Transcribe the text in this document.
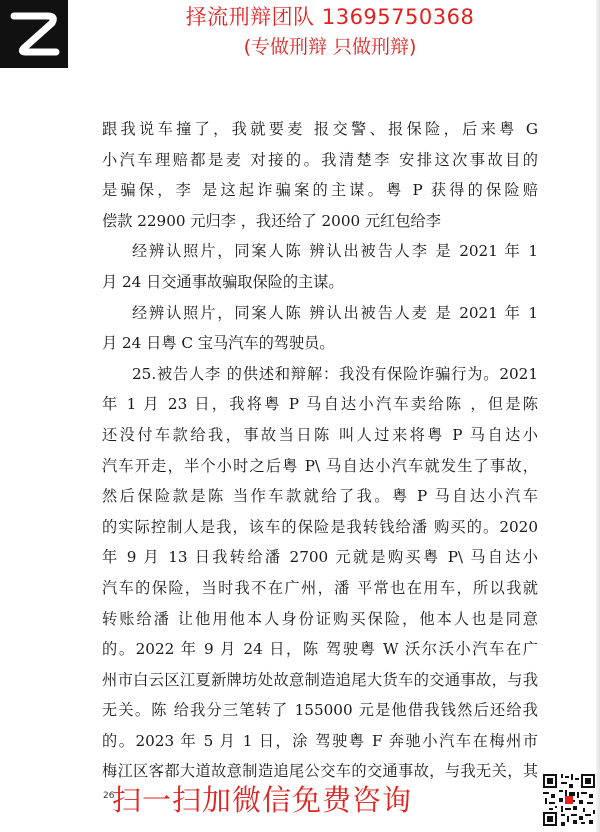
择流刑辩团队 13695750368
(专做刑辩 只做刑辩)
跟我说车撞了，我就要麦 报交警、报保险，后来粤 G
小汽车理赔都是麦 对接的。我清楚李 安排这次事故目的
是骗保，李 是这起诈骗案的主谋。粤 P 获得的保险赔
偿款 22900 元归李 ，我还给了 2000 元红包给李
经辨认照片，同案人陈 辨认出被告人李 是 2021 年 1
月 24 日交通事故骗取保险的主谋。
经辨认照片，同案人陈 辨认出被告人麦 是 2021 年 1
月 24 日粤 C 宝马汽车的驾驶员。
25.被告人李 的供述和辩解：我没有保险诈骗行为。2021
年 1 月 23 日，我将粤 P 马自达小汽车卖给陈 ，但是陈
还没付车款给我，事故当日陈 叫人过来将粤 P 马自达小
汽车开走，半个小时之后粤 P\ 马自达小汽车就发生了事故，
然后保险款是陈 当作车款就给了我。粤 P 马自达小汽车
的实际控制人是我，该车的保险是我转钱给潘 购买的。2020
年 9 月 13 日我转给潘 2700 元就是购买粤 P\ 马自达小
汽车的保险，当时我不在广州，潘 平常也在用车，所以我就
转账给潘 让他用他本人身份证购买保险，他本人也是同意
的。2022 年 9 月 24 日，陈 驾驶粤 W 沃尔沃小汽车在广
州市白云区江夏新牌坊处故意制造追尾大货车的交通事故，与我
无关。陈 给我分三笔转了 155000 元是他借我钱然后还给我
的。2023 年 5 月 1 日，涂 驾驶粤 F 奔驰小汽车在梅州市
梅江区客都大道故意制造追尾公交车的交通事故，与我无关，其
26
扫一扫加微信免费咨询
